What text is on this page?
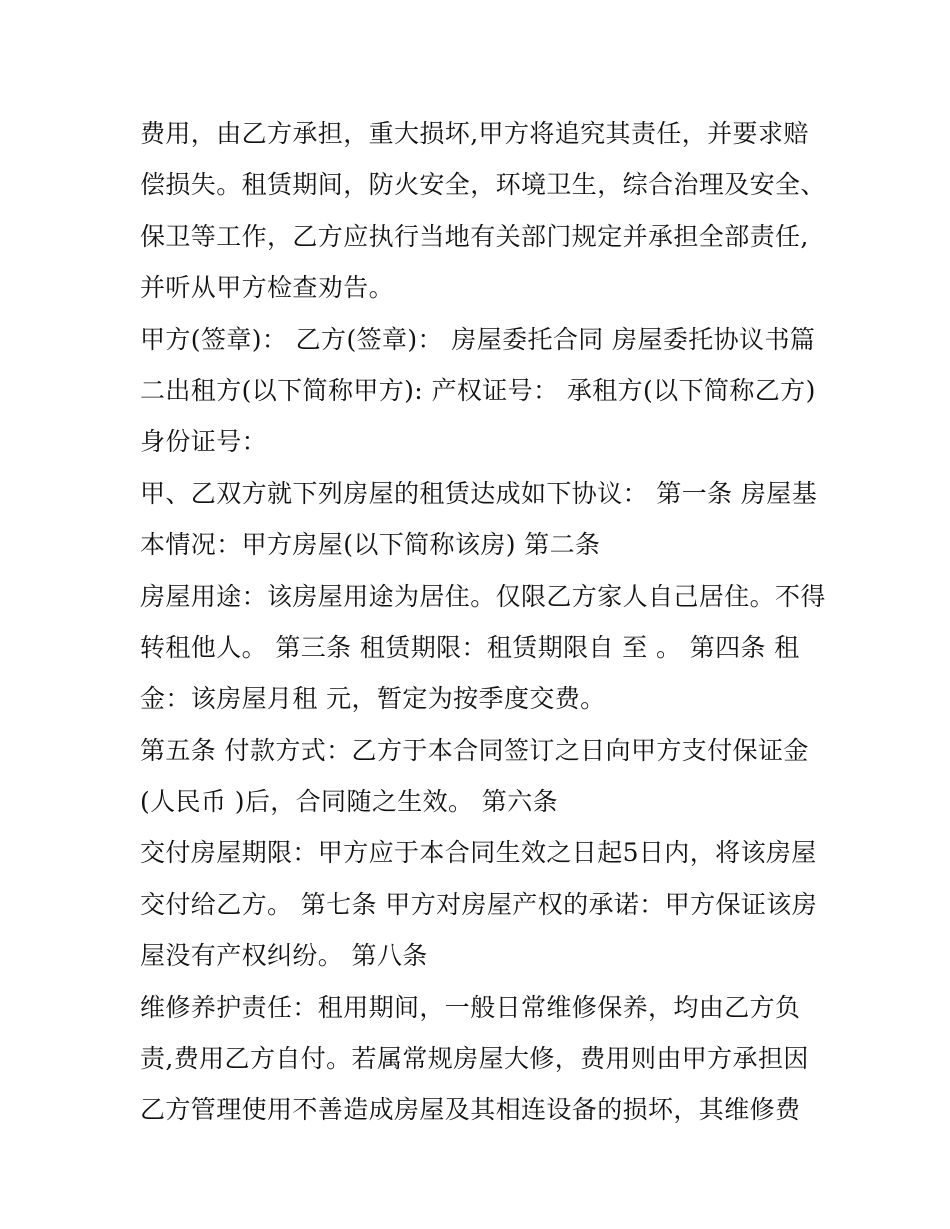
费用，由乙方承担，重大损坏,甲方将追究其责任，并要求赔
偿损失。租赁期间，防火安全，环境卫生，综合治理及安全、
保卫等工作，乙方应执行当地有关部门规定并承担全部责任,
并听从甲方检查劝告。
甲方(签章)： 乙方(签章)： 房屋委托合同 房屋委托协议书篇
二出租方(以下简称甲方): 产权证号： 承租方(以下简称乙方)
身份证号：
甲、乙双方就下列房屋的租赁达成如下协议： 第一条 房屋基
本情况：甲方房屋(以下简称该房) 第二条
房屋用途：该房屋用途为居住。仅限乙方家人自己居住。不得
转租他人。 第三条 租赁期限：租赁期限自 至 。 第四条 租
金：该房屋月租 元，暂定为按季度交费。
第五条 付款方式：乙方于本合同签订之日向甲方支付保证金
(人民币 )后，合同随之生效。 第六条
交付房屋期限：甲方应于本合同生效之日起5日内，将该房屋
交付给乙方。 第七条 甲方对房屋产权的承诺：甲方保证该房
屋没有产权纠纷。 第八条
维修养护责任：租用期间，一般日常维修保养，均由乙方负
责,费用乙方自付。若属常规房屋大修，费用则由甲方承担因
乙方管理使用不善造成房屋及其相连设备的损坏，其维修费
